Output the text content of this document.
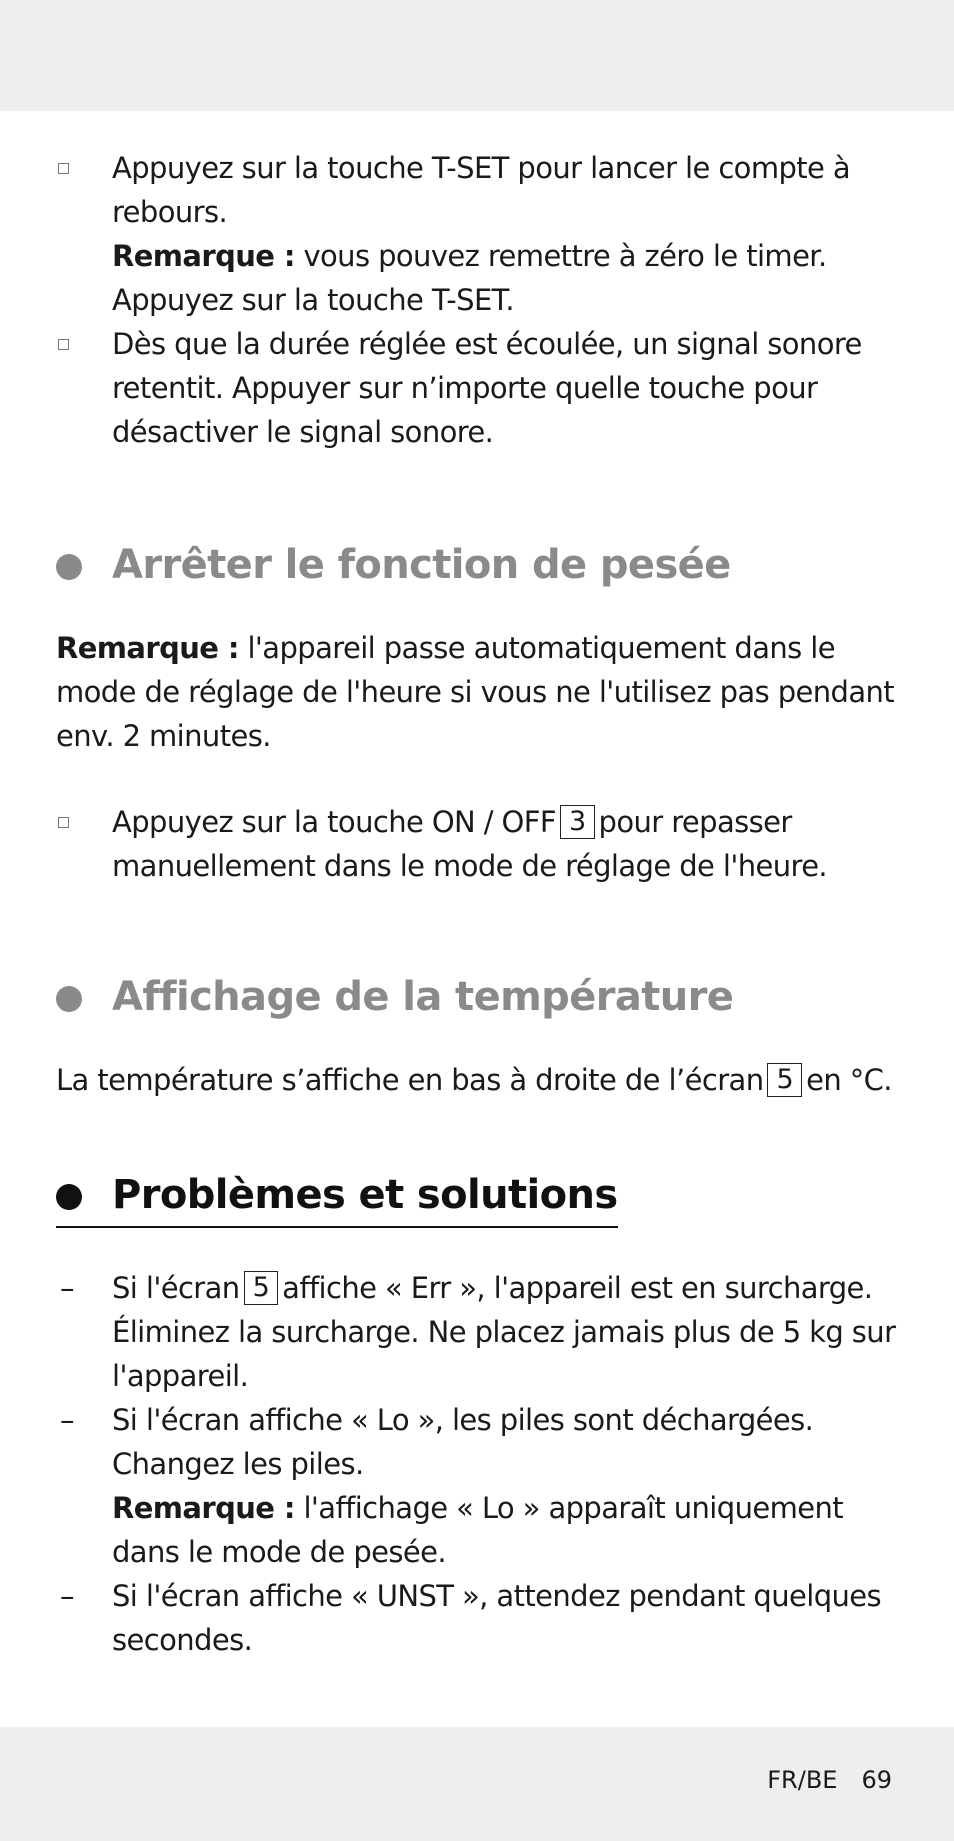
Appuyez sur la touche T-SET pour lancer le compte à rebours.
Remarque : vous pouvez remettre à zéro le timer. Appuyez sur la touche T-SET.
Dès que la durée réglée est écoulée, un signal sonore retentit. Appuyer sur n’importe quelle touche pour désactiver le signal sonore.
Arrêter le fonction de pesée

Remarque : l'appareil passe automatiquement dans le mode de réglage de l'heure si vous ne l'utilisez pas pendant env. 2 minutes.

Appuyez sur la touche ON / OFF 3 pour repasser manuellement dans le mode de réglage de l'heure.
Affichage de la température

La température s’affiche en bas à droite de l’écran 5 en °C.

Problèmes et solutions
– Si l'écran 5 affiche « Err », l'appareil est en surcharge. Éliminez la surcharge. Ne placez jamais plus de 5 kg sur l'appareil.
– Si l'écran affiche « Lo », les piles sont déchargées. Changez les piles.
Remarque : l'affichage « Lo » apparaît uniquement dans le mode de pesée.
– Si l'écran affiche « UNST », attendez pendant quelques secondes.
FR/BE 69
